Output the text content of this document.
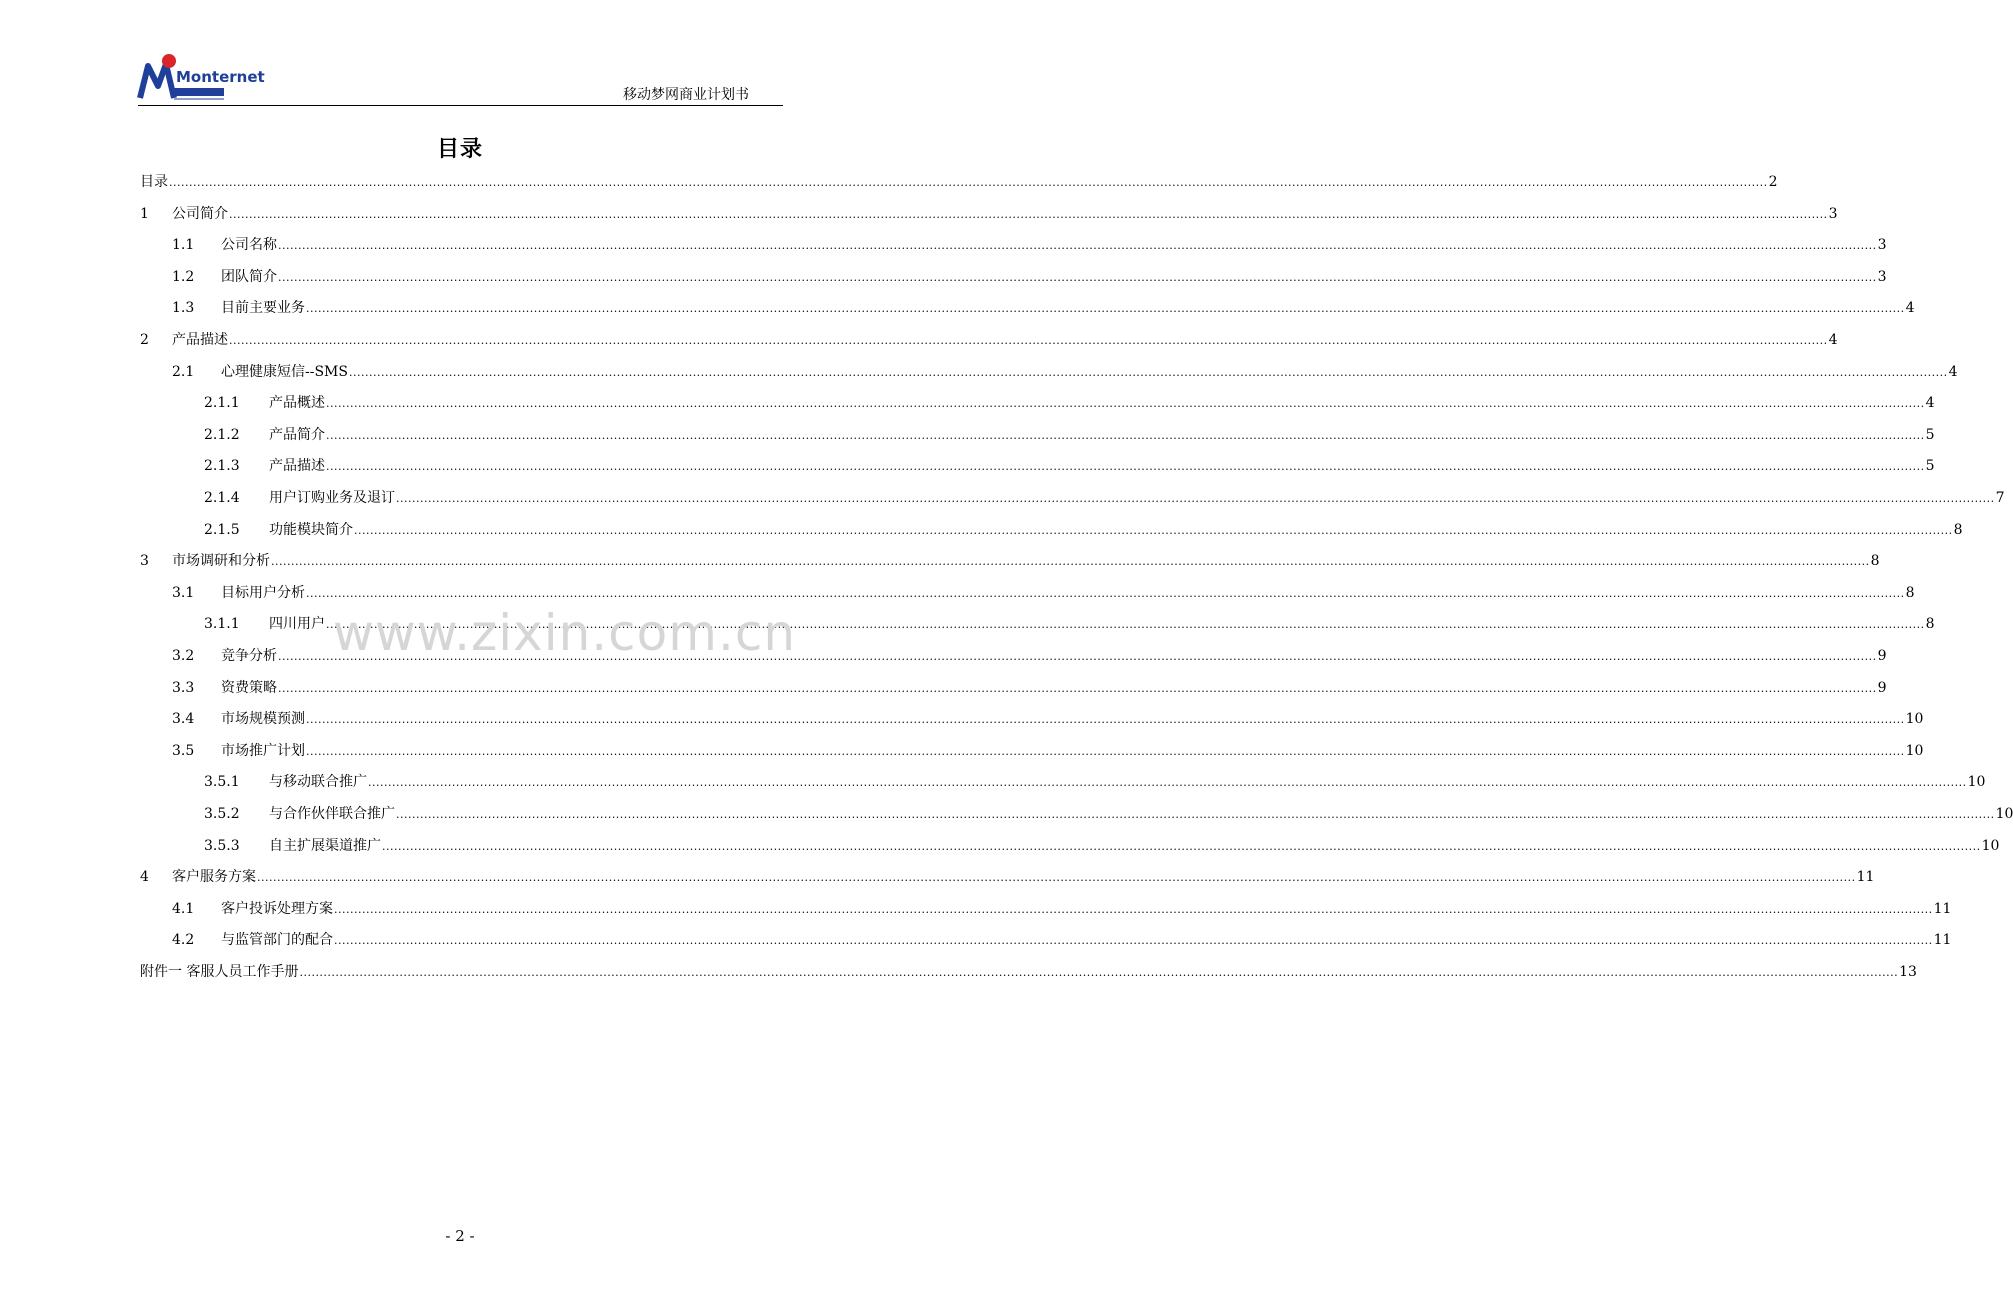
Monternet
移动梦网商业计划书
目录
目录 ................................................................................................................................................................................................................................................................................................................................................................................................................ 2
1 公司简介 ................................................................................................................................................................................................................................................................................................................................................................................................................ 3
1.1 公司名称 ................................................................................................................................................................................................................................................................................................................................................................................................................ 3
1.2 团队简介 ................................................................................................................................................................................................................................................................................................................................................................................................................ 3
1.3 目前主要业务 ................................................................................................................................................................................................................................................................................................................................................................................................................ 4
2 产品描述 ................................................................................................................................................................................................................................................................................................................................................................................................................ 4
2.1 心理健康短信--SMS ................................................................................................................................................................................................................................................................................................................................................................................................................ 4
2.1.1 产品概述 ................................................................................................................................................................................................................................................................................................................................................................................................................ 4
2.1.2 产品简介 ................................................................................................................................................................................................................................................................................................................................................................................................................ 5
2.1.3 产品描述 ................................................................................................................................................................................................................................................................................................................................................................................................................ 5
2.1.4 用户订购业务及退订 ................................................................................................................................................................................................................................................................................................................................................................................................................ 7
2.1.5 功能模块简介 ................................................................................................................................................................................................................................................................................................................................................................................................................ 8
3 市场调研和分析 ................................................................................................................................................................................................................................................................................................................................................................................................................ 8
3.1 目标用户分析 ................................................................................................................................................................................................................................................................................................................................................................................................................ 8
3.1.1 四川用户 ................................................................................................................................................................................................................................................................................................................................................................................................................ 8
3.2 竞争分析 ................................................................................................................................................................................................................................................................................................................................................................................................................ 9
3.3 资费策略 ................................................................................................................................................................................................................................................................................................................................................................................................................ 9
3.4 市场规模预测 ................................................................................................................................................................................................................................................................................................................................................................................................................ 10
3.5 市场推广计划 ................................................................................................................................................................................................................................................................................................................................................................................................................ 10
3.5.1 与移动联合推广 ................................................................................................................................................................................................................................................................................................................................................................................................................ 10
3.5.2 与合作伙伴联合推广 ................................................................................................................................................................................................................................................................................................................................................................................................................ 10
3.5.3 自主扩展渠道推广 ................................................................................................................................................................................................................................................................................................................................................................................................................ 10
4 客户服务方案 ................................................................................................................................................................................................................................................................................................................................................................................................................ 11
4.1 客户投诉处理方案 ................................................................................................................................................................................................................................................................................................................................................................................................................ 11
4.2 与监管部门的配合 ................................................................................................................................................................................................................................................................................................................................................................................................................ 11
附件一 客服人员工作手册 ................................................................................................................................................................................................................................................................................................................................................................................................................ 13
www.zixin.com.cn
- 2 -
